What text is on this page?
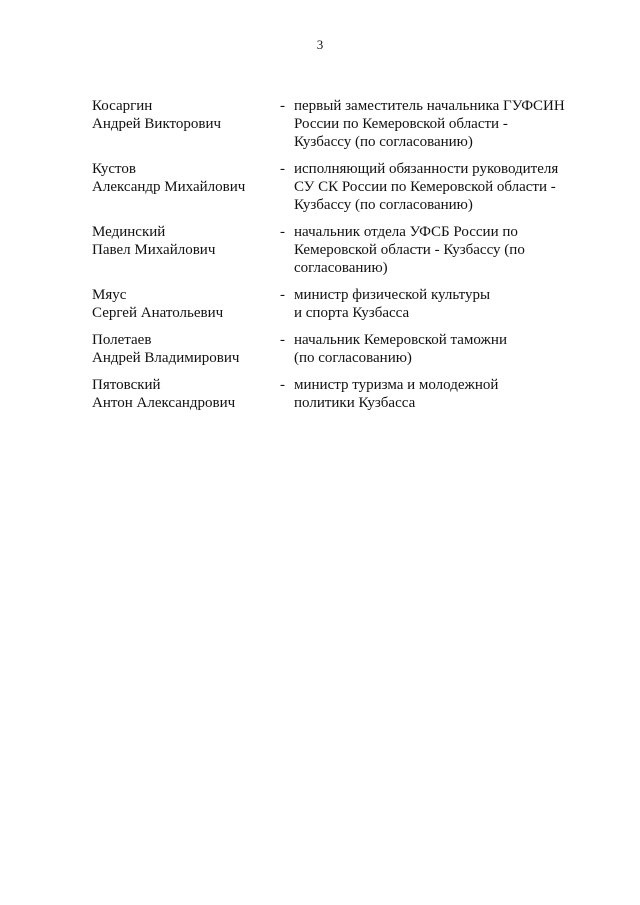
3
Косаргин
Андрей Викторович
- первый заместитель начальника ГУФСИН
России по Кемеровской области -
Кузбассу (по согласованию)
Кустов
Александр Михайлович
- исполняющий обязанности руководителя
СУ СК России по Кемеровской области -
Кузбассу (по согласованию)
Мединский
Павел Михайлович
- начальник отдела УФСБ России по
Кемеровской области - Кузбассу (по
согласованию)
Мяус
Сергей Анатольевич
- министр физической культуры
и спорта Кузбасса
Полетаев
Андрей Владимирович
- начальник Кемеровской таможни
(по согласованию)
Пятовский
Антон Александрович
- министр туризма и молодежной
политики Кузбасса
